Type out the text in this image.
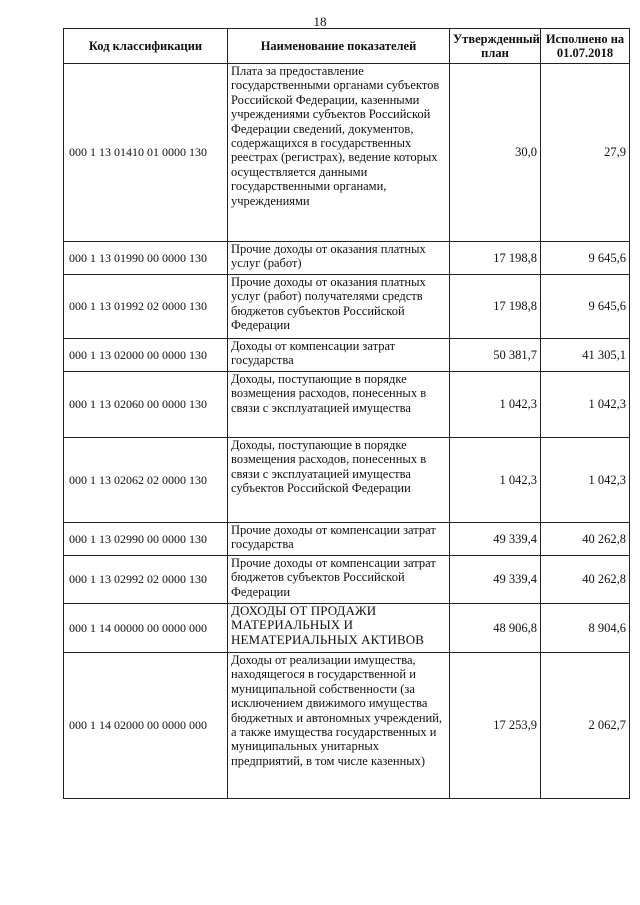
18
Код классификации	Наименование показателей	Утвержденный план	Исполнено на 01.07.2018
000 1 13 01410 01 0000 130	Плата за предоставление государственными органами субъектов Российской Федерации, казенными учреждениями субъектов Российской Федерации сведений, документов, содержащихся в государственных реестрах (регистрах), ведение которых осуществляется данными государственными органами, учреждениями	30,0	27,9
000 1 13 01990 00 0000 130	Прочие доходы от оказания платных услуг (работ)	17 198,8	9 645,6
000 1 13 01992 02 0000 130	Прочие доходы от оказания платных услуг (работ) получателями средств бюджетов субъектов Российской Федерации	17 198,8	9 645,6
000 1 13 02000 00 0000 130	Доходы от компенсации затрат государства	50 381,7	41 305,1
000 1 13 02060 00 0000 130	Доходы, поступающие в порядке возмещения расходов, понесенных в связи с эксплуатацией имущества	1 042,3	1 042,3
000 1 13 02062 02 0000 130	Доходы, поступающие в порядке возмещения расходов, понесенных в связи с эксплуатацией имущества субъектов Российской Федерации	1 042,3	1 042,3
000 1 13 02990 00 0000 130	Прочие доходы от компенсации затрат государства	49 339,4	40 262,8
000 1 13 02992 02 0000 130	Прочие доходы от компенсации затрат бюджетов субъектов Российской Федерации	49 339,4	40 262,8
000 1 14 00000 00 0000 000	ДОХОДЫ ОТ ПРОДАЖИ МАТЕРИАЛЬНЫХ И НЕМАТЕРИАЛЬНЫХ АКТИВОВ	48 906,8	8 904,6
000 1 14 02000 00 0000 000	Доходы от реализации имущества, находящегося в государственной и муниципальной собственности (за исключением движимого имущества бюджетных и автономных учреждений, а также имущества государственных и муниципальных унитарных предприятий, в том числе казенных)	17 253,9	2 062,7
